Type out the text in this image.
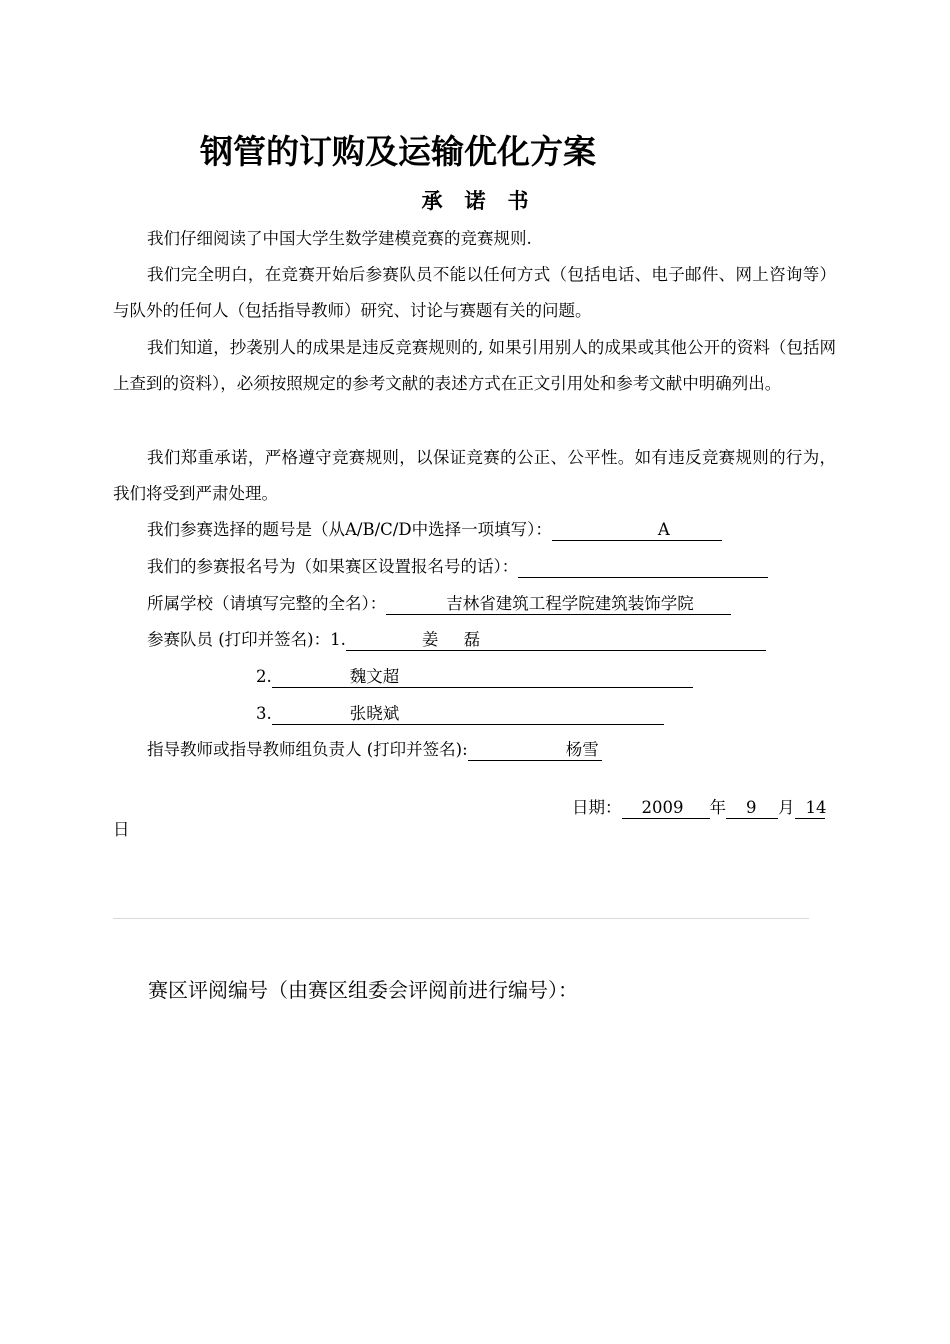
钢管的订购及运输优化方案
承诺书
我们仔细阅读了中国大学生数学建模竞赛的竞赛规则.
我们完全明白，在竞赛开始后参赛队员不能以任何方式（包括电话、电子邮件、网上咨询等）与队外的任何人（包括指导教师）研究、讨论与赛题有关的问题。
我们知道，抄袭别人的成果是违反竞赛规则的, 如果引用别人的成果或其他公开的资料（包括网上查到的资料），必须按照规定的参考文献的表述方式在正文引用处和参考文献中明确列出。
我们郑重承诺，严格遵守竞赛规则，以保证竞赛的公正、公平性。如有违反竞赛规则的行为，我们将受到严肃处理。
我们参赛选择的题号是（从A/B/C/D中选择一项填写）：	A
我们的参赛报名号为（如果赛区设置报名号的话）：
所属学校（请填写完整的全名）：	吉林省建筑工程学院建筑装饰学院
参赛队员 (打印并签名)：1.	姜 磊
2.	魏文超
3.	张晓斌
指导教师或指导教师组负责人 (打印并签名):	杨雪
日期： 2009 年 9 月 14
日
赛区评阅编号（由赛区组委会评阅前进行编号）：
